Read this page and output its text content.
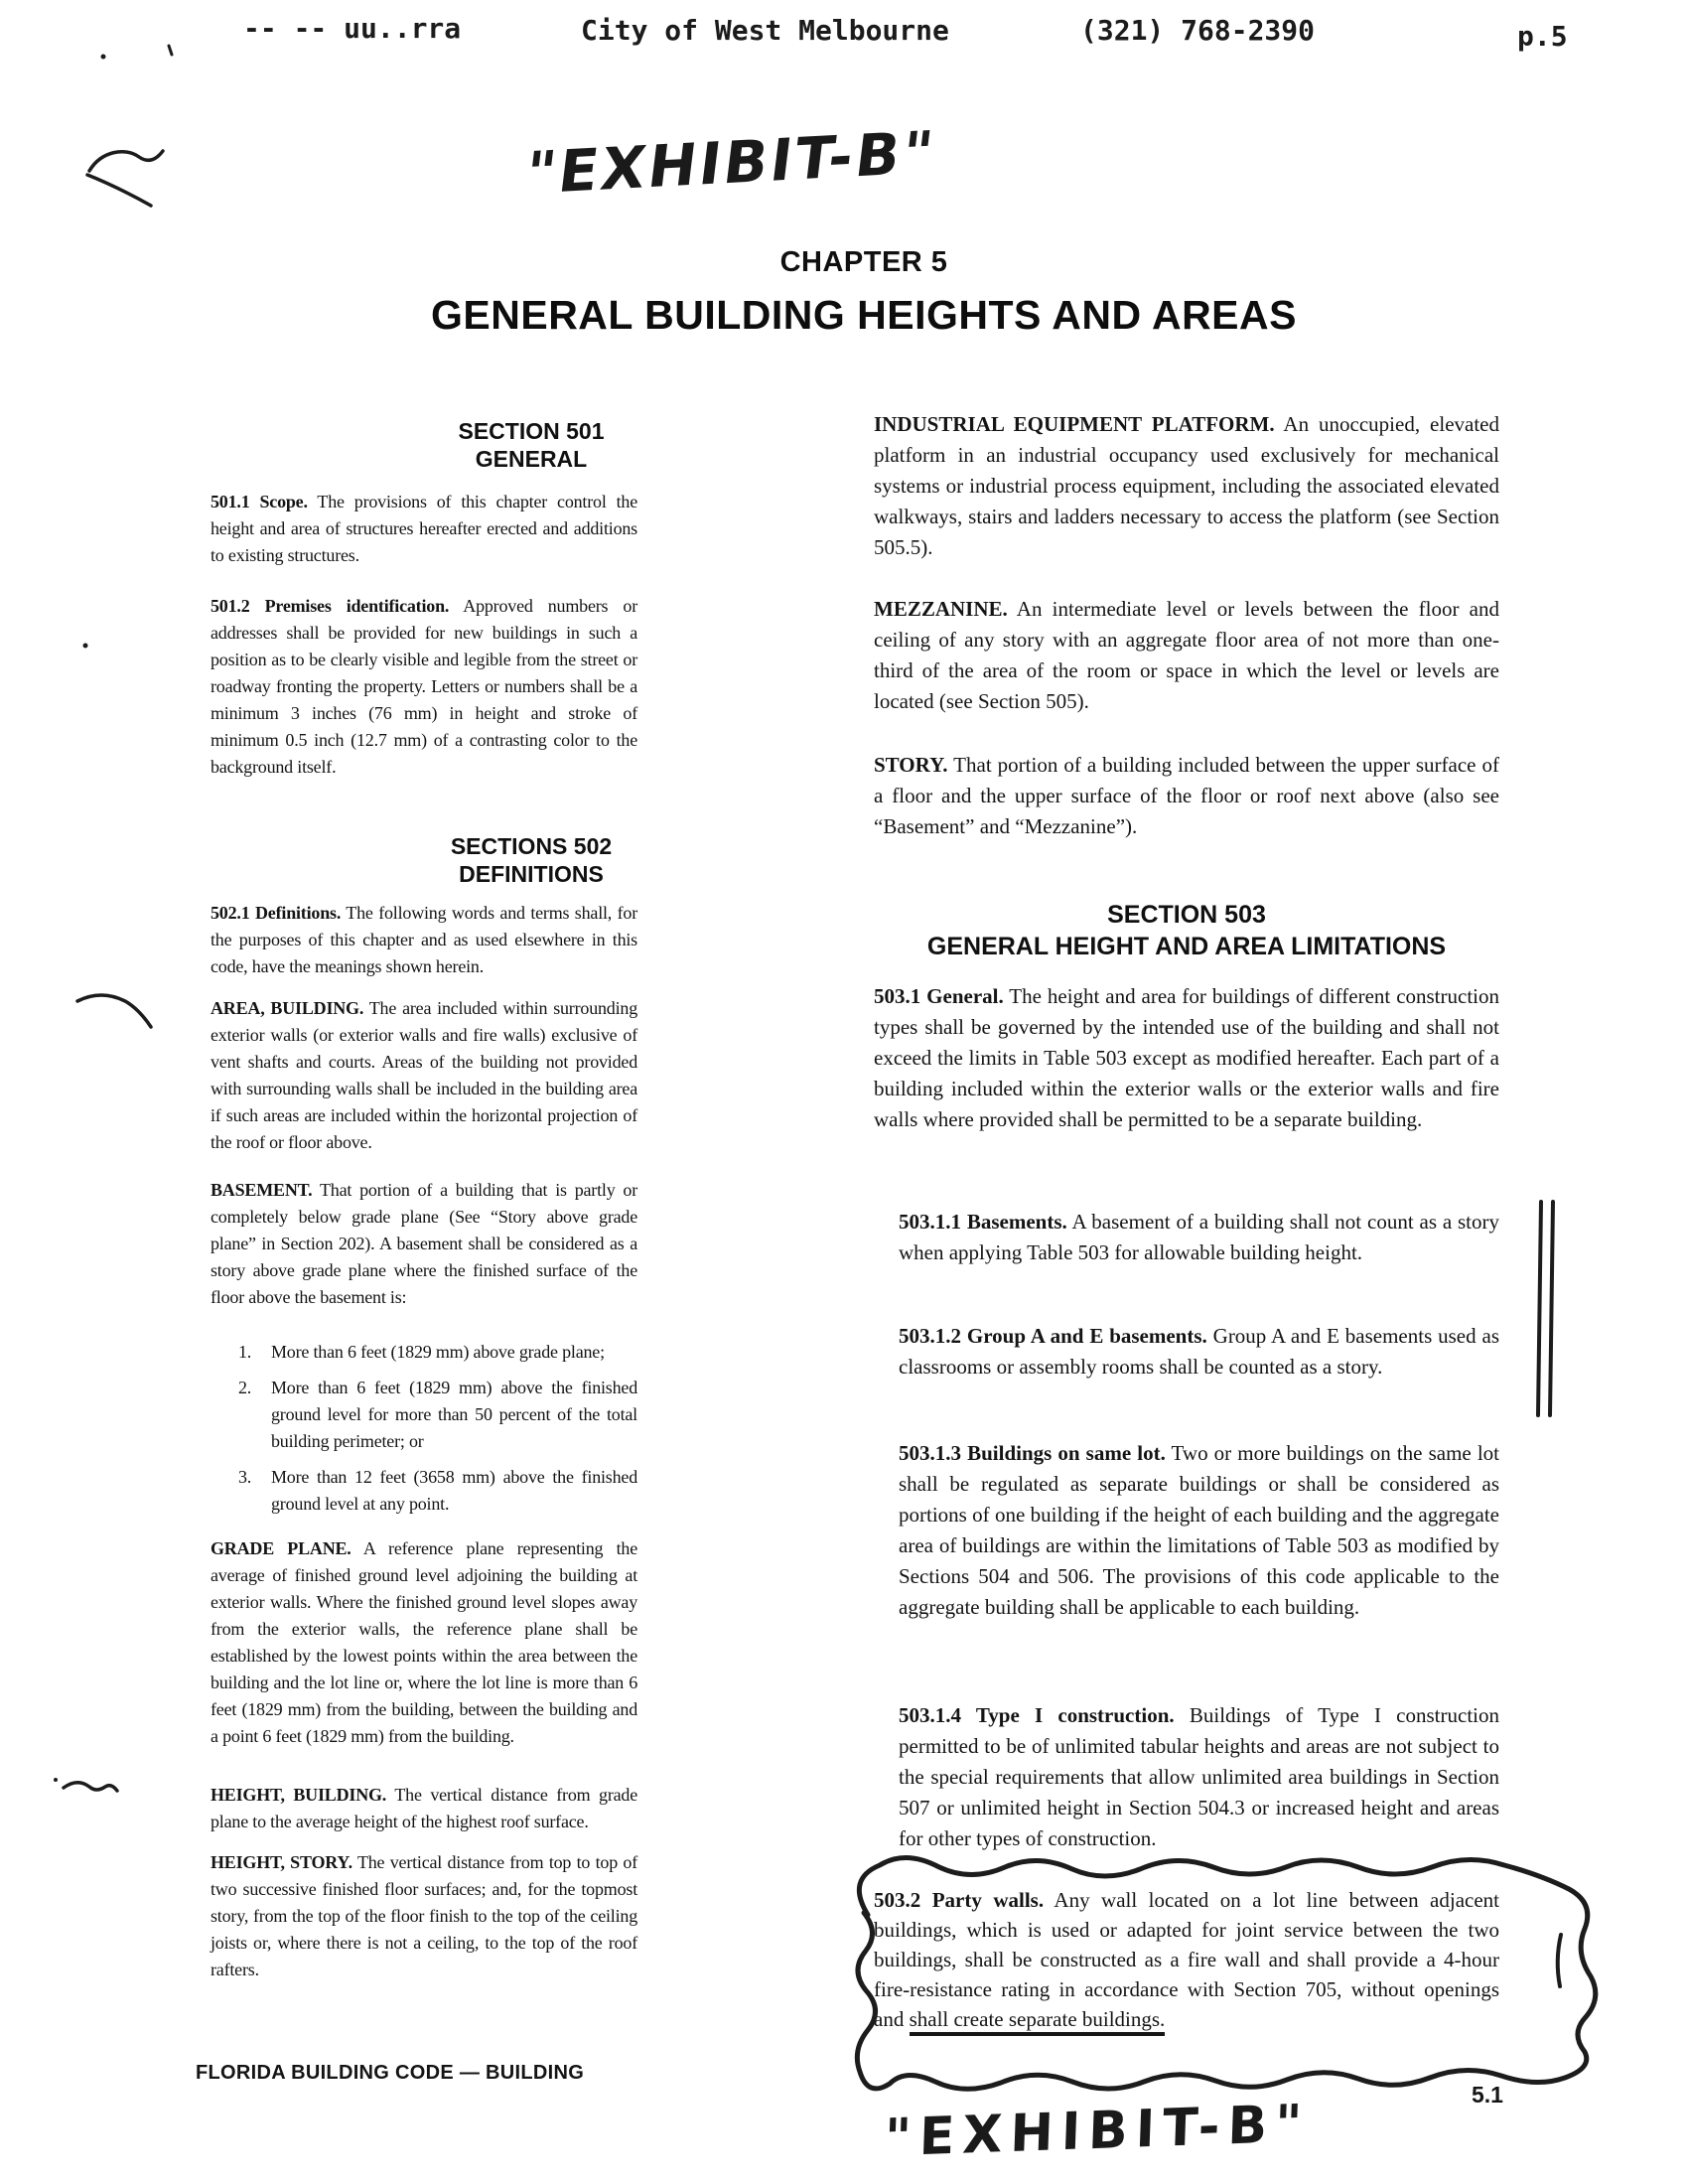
-- -- uu..rra	City of West Melbourne	(321) 768-2390	p.5
"EXHIBIT-B"
CHAPTER 5
GENERAL BUILDING HEIGHTS AND AREAS
SECTION 501
GENERAL
501.1 Scope. The provisions of this chapter control the height and area of structures hereafter erected and additions to existing structures.
501.2 Premises identification. Approved numbers or addresses shall be provided for new buildings in such a position as to be clearly visible and legible from the street or roadway fronting the property. Letters or numbers shall be a minimum 3 inches (76 mm) in height and stroke of minimum 0.5 inch (12.7 mm) of a contrasting color to the background itself.
SECTIONS 502
DEFINITIONS
502.1 Definitions. The following words and terms shall, for the purposes of this chapter and as used elsewhere in this code, have the meanings shown herein.
AREA, BUILDING. The area included within surrounding exterior walls (or exterior walls and fire walls) exclusive of vent shafts and courts. Areas of the building not provided with surrounding walls shall be included in the building area if such areas are included within the horizontal projection of the roof or floor above.
BASEMENT. That portion of a building that is partly or completely below grade plane (See “Story above grade plane” in Section 202). A basement shall be considered as a story above grade plane where the finished surface of the floor above the basement is:
1. More than 6 feet (1829 mm) above grade plane;
2. More than 6 feet (1829 mm) above the finished ground level for more than 50 percent of the total building perimeter; or
3. More than 12 feet (3658 mm) above the finished ground level at any point.
GRADE PLANE. A reference plane representing the average of finished ground level adjoining the building at exterior walls. Where the finished ground level slopes away from the exterior walls, the reference plane shall be established by the lowest points within the area between the building and the lot line or, where the lot line is more than 6 feet (1829 mm) from the building, between the building and a point 6 feet (1829 mm) from the building.
HEIGHT, BUILDING. The vertical distance from grade plane to the average height of the highest roof surface.
HEIGHT, STORY. The vertical distance from top to top of two successive finished floor surfaces; and, for the topmost story, from the top of the floor finish to the top of the ceiling joists or, where there is not a ceiling, to the top of the roof rafters.
FLORIDA BUILDING CODE — BUILDING
INDUSTRIAL EQUIPMENT PLATFORM. An unoccupied, elevated platform in an industrial occupancy used exclusively for mechanical systems or industrial process equipment, including the associated elevated walkways, stairs and ladders necessary to access the platform (see Section 505.5).
MEZZANINE. An intermediate level or levels between the floor and ceiling of any story with an aggregate floor area of not more than one-third of the area of the room or space in which the level or levels are located (see Section 505).
STORY. That portion of a building included between the upper surface of a floor and the upper surface of the floor or roof next above (also see “Basement” and “Mezzanine”).
SECTION 503
GENERAL HEIGHT AND AREA LIMITATIONS
503.1 General. The height and area for buildings of different construction types shall be governed by the intended use of the building and shall not exceed the limits in Table 503 except as modified hereafter. Each part of a building included within the exterior walls or the exterior walls and fire walls where provided shall be permitted to be a separate building.
503.1.1 Basements. A basement of a building shall not count as a story when applying Table 503 for allowable building height.
503.1.2 Group A and E basements. Group A and E basements used as classrooms or assembly rooms shall be counted as a story.
503.1.3 Buildings on same lot. Two or more buildings on the same lot shall be regulated as separate buildings or shall be considered as portions of one building if the height of each building and the aggregate area of buildings are within the limitations of Table 503 as modified by Sections 504 and 506. The provisions of this code applicable to the aggregate building shall be applicable to each building.
503.1.4 Type I construction. Buildings of Type I construction permitted to be of unlimited tabular heights and areas are not subject to the special requirements that allow unlimited area buildings in Section 507 or unlimited height in Section 504.3 or increased height and areas for other types of construction.
503.2 Party walls. Any wall located on a lot line between adjacent buildings, which is used or adapted for joint service between the two buildings, shall be constructed as a fire wall and shall provide a 4-hour fire-resistance rating in accordance with Section 705, without openings and shall create separate buildings.
5.1
"EXHIBIT-B"
